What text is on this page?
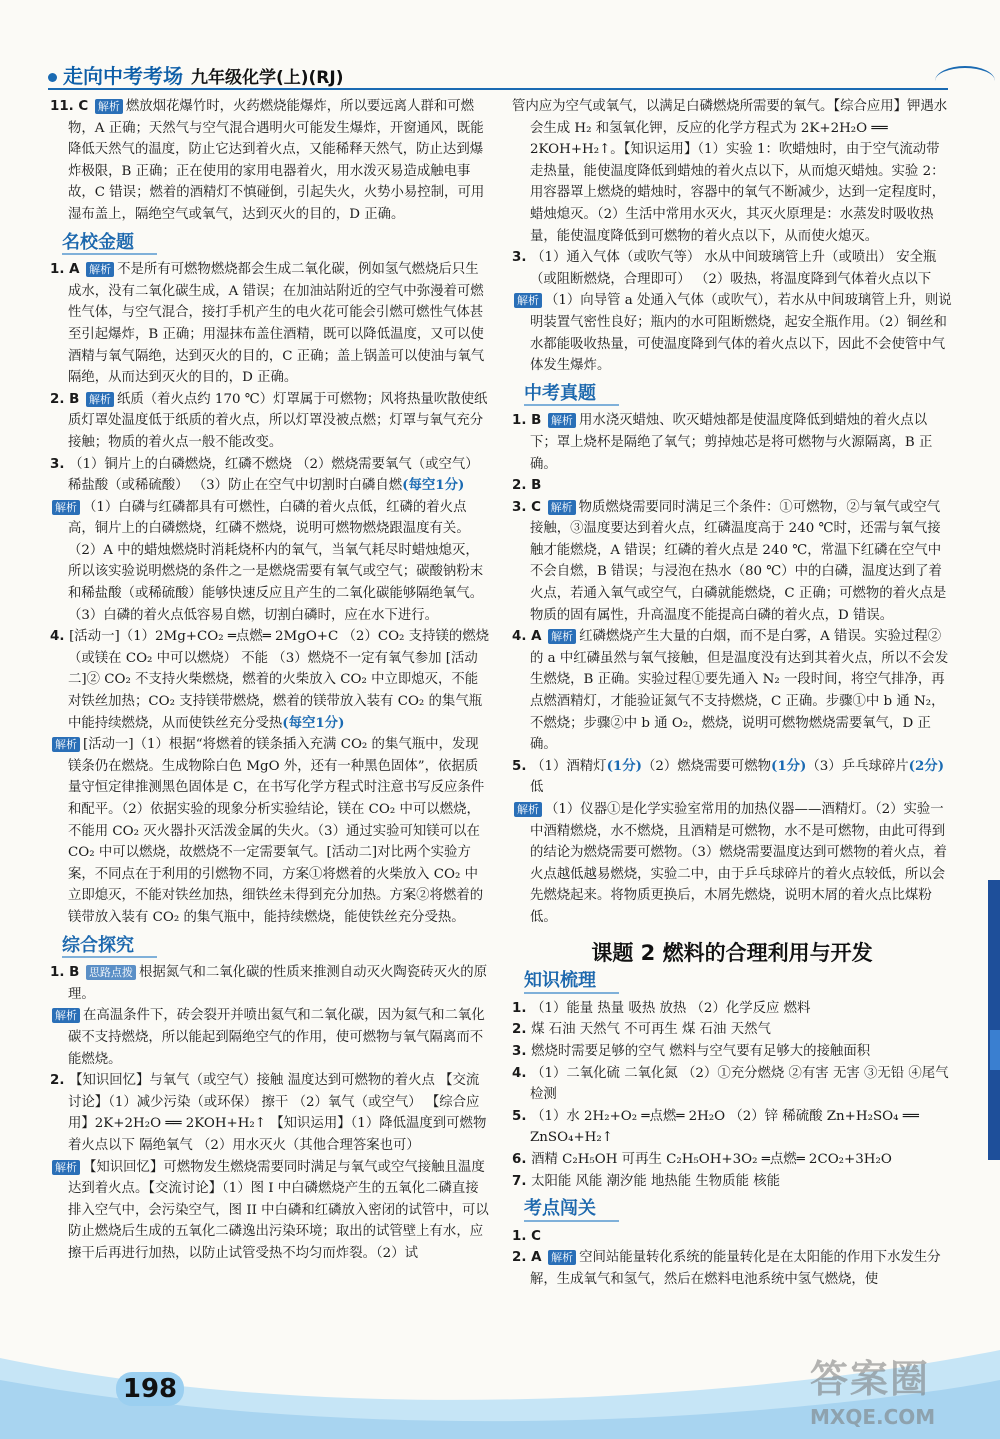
走向中考考场 九年级化学(上)(RJ)

11. C 解析 燃放烟花爆竹时，火药燃烧能爆炸，所以要远离人群和可燃物，A 正确；天然气与空气混合遇明火可能发生爆炸，开窗通风，既能降低天然气的温度，防止它达到着火点，又能稀释天然气，防止达到爆炸极限，B 正确；正在使用的家用电器着火，用水泼灭易造成触电事故，C 错误；燃着的酒精灯不慎碰倒，引起失火，火势小易控制，可用湿布盖上，隔绝空气或氧气，达到灭火的目的，D 正确。

名校金题

1. A 解析 不是所有可燃物燃烧都会生成二氧化碳，例如氢气燃烧后只生成水，没有二氧化碳生成，A 错误；在加油站附近的空气中弥漫着可燃性气体，与空气混合，接打手机产生的电火花可能会引燃可燃性气体甚至引起爆炸，B 正确；用湿抹布盖住酒精，既可以降低温度，又可以使酒精与氧气隔绝，达到灭火的目的，C 正确；盖上锅盖可以使油与氧气隔绝，从而达到灭火的目的，D 正确。

2. B 解析 纸质（着火点约 170 ℃）灯罩属于可燃物；风将热量吹散使纸质灯罩处温度低于纸质的着火点，所以灯罩没被点燃；灯罩与氧气充分接触；物质的着火点一般不能改变。

3. （1）铜片上的白磷燃烧，红磷不燃烧 （2）燃烧需要氧气（或空气） 稀盐酸（或稀硫酸） （3）防止在空气中切割时白磷自燃(每空1分)

解析 （1）白磷与红磷都具有可燃性，白磷的着火点低，红磷的着火点高，铜片上的白磷燃烧，红磷不燃烧，说明可燃物燃烧跟温度有关。（2）A 中的蜡烛燃烧时消耗烧杯内的氧气，当氧气耗尽时蜡烛熄灭，所以该实验说明燃烧的条件之一是燃烧需要有氧气或空气；碳酸钠粉末和稀盐酸（或稀硫酸）能够快速反应且产生的二氧化碳能够隔绝氧气。（3）白磷的着火点低容易自燃，切割白磷时，应在水下进行。

4. [活动一]（1）2Mg+CO₂ ═点燃═ 2MgO+C （2）CO₂ 支持镁的燃烧（或镁在 CO₂ 中可以燃烧） 不能 （3）燃烧不一定有氧气参加 [活动二]② CO₂ 不支持火柴燃烧，燃着的火柴放入 CO₂ 中立即熄灭，不能对铁丝加热；CO₂ 支持镁带燃烧，燃着的镁带放入装有 CO₂ 的集气瓶中能持续燃烧，从而使铁丝充分受热(每空1分)

解析 [活动一]（1）根据“将燃着的镁条插入充满 CO₂ 的集气瓶中，发现镁条仍在燃烧。生成物除白色 MgO 外，还有一种黑色固体”，依据质量守恒定律推测黑色固体是 C，在书写化学方程式时注意书写反应条件和配平。（2）依据实验的现象分析实验结论，镁在 CO₂ 中可以燃烧，不能用 CO₂ 灭火器扑灭活泼金属的失火。（3）通过实验可知镁可以在 CO₂ 中可以燃烧，故燃烧不一定需要氧气。[活动二]对比两个实验方案，不同点在于利用的引燃物不同，方案①将燃着的火柴放入 CO₂ 中立即熄灭，不能对铁丝加热，细铁丝未得到充分加热。方案②将燃着的镁带放入装有 CO₂ 的集气瓶中，能持续燃烧，能使铁丝充分受热。

综合探究

1. B 思路点拨 根据氮气和二氧化碳的性质来推测自动灭火陶瓷砖灭火的原理。

解析 在高温条件下，砖会裂开并喷出氦气和二氧化碳，因为氦气和二氧化碳不支持燃烧，所以能起到隔绝空气的作用，使可燃物与氧气隔离而不能燃烧。

2. 【知识回忆】与氧气（或空气）接触 温度达到可燃物的着火点 【交流讨论】（1）减少污染（或环保） 擦干 （2）氧气（或空气） 【综合应用】2K+2H₂O ══ 2KOH+H₂↑ 【知识运用】（1）降低温度到可燃物着火点以下 隔绝氧气 （2）用水灭火（其他合理答案也可）

解析 【知识回忆】可燃物发生燃烧需要同时满足与氧气或空气接触且温度达到着火点。【交流讨论】（1）图 I 中白磷燃烧产生的五氧化二磷直接排入空气中，会污染空气，图 II 中白磷和红磷放入密闭的试管中，可以防止燃烧后生成的五氧化二磷逸出污染环境；取出的试管壁上有水，应擦干后再进行加热，以防止试管受热不均匀而炸裂。（2）试

管内应为空气或氧气，以满足白磷燃烧所需要的氧气。【综合应用】钾遇水会生成 H₂ 和氢氧化钾，反应的化学方程式为 2K+2H₂O ══ 2KOH+H₂↑。【知识运用】（1）实验 1：吹蜡烛时，由于空气流动带走热量，能使温度降低到蜡烛的着火点以下，从而熄灭蜡烛。实验 2：用容器罩上燃烧的蜡烛时，容器中的氧气不断减少，达到一定程度时，蜡烛熄灭。（2）生活中常用水灭火，其灭火原理是：水蒸发时吸收热量，能使温度降低到可燃物的着火点以下，从而使火熄灭。

3. （1）通入气体（或吹气等） 水从中间玻璃管上升（或喷出） 安全瓶（或阻断燃烧，合理即可） （2）吸热，将温度降到气体着火点以下

解析 （1）向导管 a 处通入气体（或吹气），若水从中间玻璃管上升，则说明装置气密性良好；瓶内的水可阻断燃烧，起安全瓶作用。（2）铜丝和水都能吸收热量，可使温度降到气体的着火点以下，因此不会使管中气体发生爆炸。

中考真题

1. B 解析 用水浇灭蜡烛、吹灭蜡烛都是使温度降低到蜡烛的着火点以下；罩上烧杯是隔绝了氧气；剪掉烛芯是将可燃物与火源隔离，B 正确。

2. B

3. C 解析 物质燃烧需要同时满足三个条件：①可燃物，②与氧气或空气接触，③温度要达到着火点，红磷温度高于 240 ℃时，还需与氧气接触才能燃烧，A 错误；红磷的着火点是 240 ℃，常温下红磷在空气中不会自燃，B 错误；与浸泡在热水（80 ℃）中的白磷，温度达到了着火点，若通入氧气或空气，白磷就能燃烧，C 正确；可燃物的着火点是物质的固有属性，升高温度不能提高白磷的着火点，D 错误。

4. A 解析 红磷燃烧产生大量的白烟，而不是白雾，A 错误。实验过程②的 a 中红磷虽然与氧气接触，但是温度没有达到其着火点，所以不会发生燃烧，B 正确。实验过程①要先通入 N₂ 一段时间，将空气排净，再点燃酒精灯，才能验证氮气不支持燃烧，C 正确。步骤①中 b 通 N₂，不燃烧；步骤②中 b 通 O₂，燃烧，说明可燃物燃烧需要氧气，D 正确。

5. （1）酒精灯(1分)（2）燃烧需要可燃物(1分)（3）乒乓球碎片(2分)低

解析 （1）仪器①是化学实验室常用的加热仪器——酒精灯。（2）实验一中酒精燃烧，水不燃烧，且酒精是可燃物，水不是可燃物，由此可得到的结论为燃烧需要可燃物。（3）燃烧需要温度达到可燃物的着火点，着火点越低越易燃烧，实验二中，由于乒乓球碎片的着火点较低，所以会先燃烧起来。将物质更换后，木屑先燃烧，说明木屑的着火点比煤粉低。

课题 2 燃料的合理利用与开发
知识梳理

1. （1）能量 热量 吸热 放热 （2）化学反应 燃料

2. 煤 石油 天然气 不可再生 煤 石油 天然气

3. 燃烧时需要足够的空气 燃料与空气要有足够大的接触面积

4. （1）二氧化硫 二氧化氮 （2）①充分燃烧 ②有害 无害 ③无铅 ④尾气检测

5. （1）水 2H₂+O₂ ═点燃═ 2H₂O （2）锌 稀硫酸 Zn+H₂SO₄ ══ ZnSO₄+H₂↑

6. 酒精 C₂H₅OH 可再生 C₂H₅OH+3O₂ ═点燃═ 2CO₂+3H₂O

7. 太阳能 风能 潮汐能 地热能 生物质能 核能

考点闯关

1. C

2. A 解析 空间站能量转化系统的能量转化是在太阳能的作用下水发生分解，生成氧气和氢气，然后在燃料电池系统中氢气燃烧，使

198	答案圈
MXQE.COM
